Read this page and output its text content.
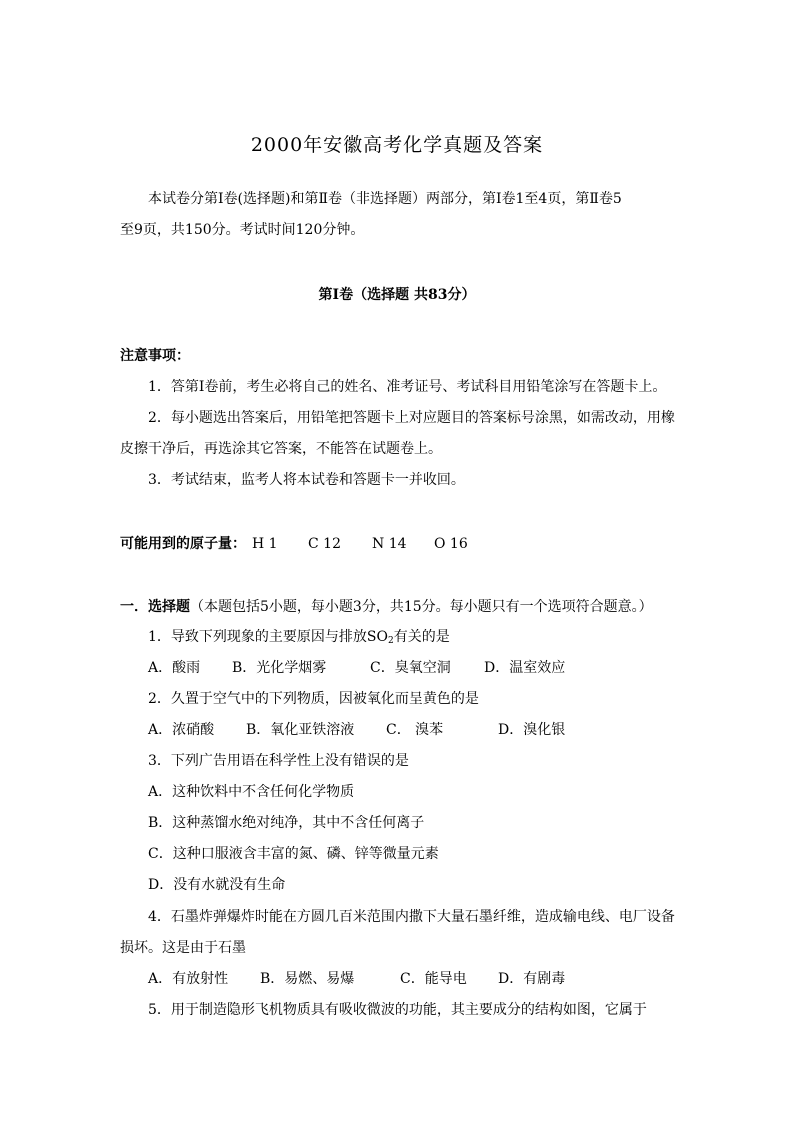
2000年安徽高考化学真题及答案
本试卷分第Ⅰ卷(选择题)和第Ⅱ卷（非选择题）两部分，第Ⅰ卷1至4页，第Ⅱ卷5
至9页，共150分。考试时间120分钟。
第Ⅰ卷（选择题 共83分）
注意事项：
1．答第Ⅰ卷前，考生必将自己的姓名、准考证号、考试科目用铅笔涂写在答题卡上。
2．每小题选出答案后，用铅笔把答题卡上对应题目的答案标号涂黑，如需改动，用橡
皮擦干净后，再选涂其它答案，不能答在试题卷上。
3．考试结束，监考人将本试卷和答题卡一并收回。
可能用到的原子量： H 1 C 12 N 14 O 16
一．选择题（本题包括5小题，每小题3分，共15分。每小题只有一个选项符合题意。）
1．导致下列现象的主要原因与排放$SO_2$有关的是
A．酸雨 B．光化学烟雾	C．臭氧空洞 D．温室效应
2．久置于空气中的下列物质，因被氧化而呈黄色的是
A．浓硝酸 B．氧化亚铁溶液 C． 溴苯	D．溴化银
3．下列广告用语在科学性上没有错误的是
A．这种饮料中不含任何化学物质
B．这种蒸馏水绝对纯净，其中不含任何离子
C．这种口服液含丰富的氮、磷、锌等微量元素
D．没有水就没有生命
4．石墨炸弹爆炸时能在方圆几百米范围内撒下大量石墨纤维，造成输电线、电厂设备
损坏。这是由于石墨
A．有放射性 B．易燃、易爆	C．能导电 D．有剧毒
5．用于制造隐形飞机物质具有吸收微波的功能，其主要成分的结构如图，它属于
